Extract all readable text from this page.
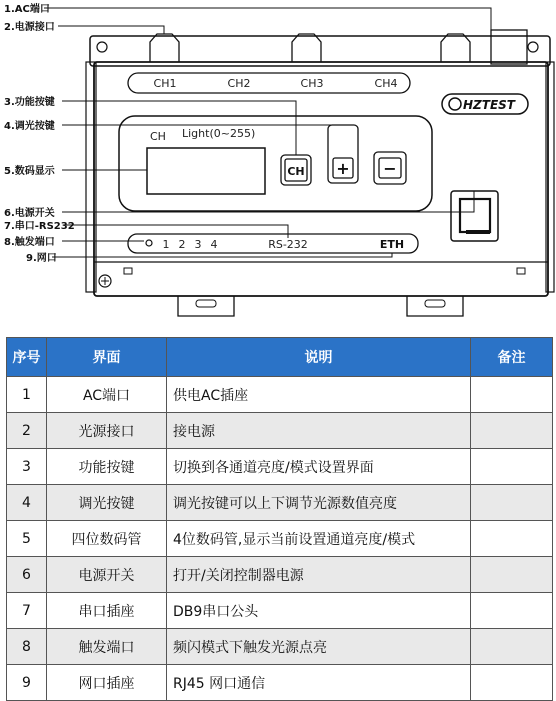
CH1	CH2	CH3	CH4
HZTEST
CH Light(0~255)
CH + −
1 2 3 4	RS-232	ETH
1.AC端口
2.电源接口
3.功能按键
4.调光按键
5.数码显示
6.电源开关
7.串口-RS232
8.触发端口
9.网口
序号	界面	说明	备注
1	AC端口	供电AC插座	
2	光源接口	接电源	
3	功能按键	切换到各通道亮度/模式设置界面	
4	调光按键	调光按键可以上下调节光源数值亮度	
5	四位数码管	4位数码管,显示当前设置通道亮度/模式	
6	电源开关	打开/关闭控制器电源	
7	串口插座	DB9串口公头	
8	触发端口	频闪模式下触发光源点亮	
9	网口插座	RJ45 网口通信	
